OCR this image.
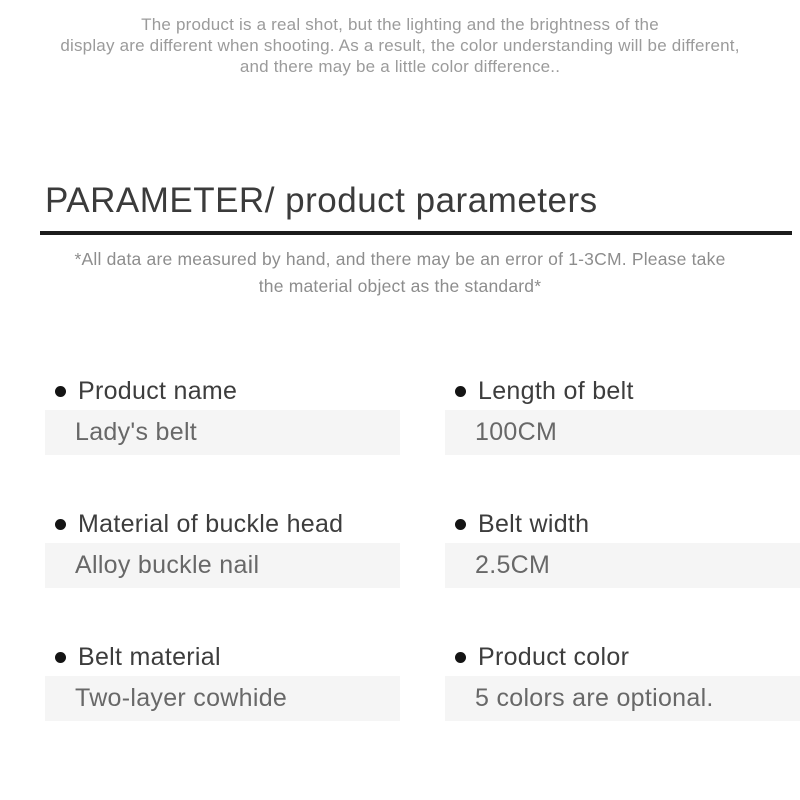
The product is a real shot, but the lighting and the brightness of the
display are different when shooting. As a result, the color understanding will be different,
and there may be a little color difference..
PARAMETER/ product parameters
*All data are measured by hand, and there may be an error of 1-3CM. Please take
the material object as the standard*
Product name
Lady's belt
Length of belt
100CM
Material of buckle head
Alloy buckle nail
Belt width
2.5CM
Belt material
Two-layer cowhide
Product color
5 colors are optional.
